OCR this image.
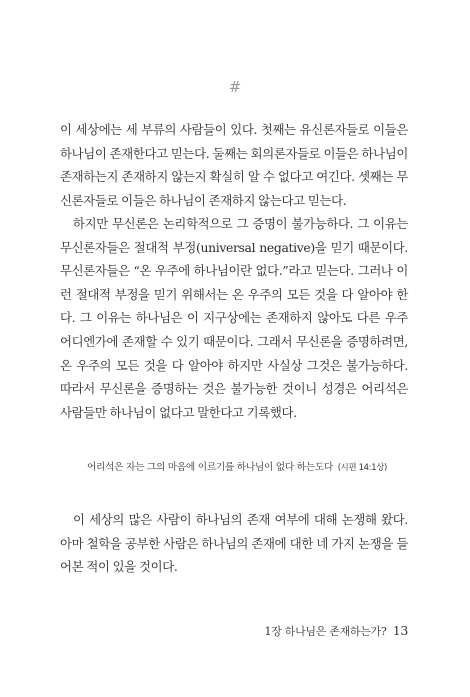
#

이 세상에는 세 부류의 사람들이 있다. 첫째는 유신론자들로 이들은 하나님이 존재한다고 믿는다. 둘째는 회의론자들로 이들은 하나님이 존재하는지 존재하지 않는지 확실히 알 수 없다고 여긴다. 셋째는 무신론자들로 이들은 하나님이 존재하지 않는다고 믿는다.

하지만 무신론은 논리학적으로 그 증명이 불가능하다. 그 이유는 무신론자들은 절대적 부정(universal negative)을 믿기 때문이다. 무신론자들은 “온 우주에 하나님이란 없다.”라고 믿는다. 그러나 이런 절대적 부정을 믿기 위해서는 온 우주의 모든 것을 다 알아야 한다. 그 이유는 하나님은 이 지구상에는 존재하지 않아도 다른 우주 어디엔가에 존재할 수 있기 때문이다. 그래서 무신론을 증명하려면, 온 우주의 모든 것을 다 알아야 하지만 사실상 그것은 불가능하다. 따라서 무신론을 증명하는 것은 불가능한 것이니 성경은 어리석은 사람들만 하나님이 없다고 말한다고 기록했다.

어리석은 자는 그의 마음에 이르기를 하나님이 없다 하는도다 (시편 14:1상)

이 세상의 많은 사람이 하나님의 존재 여부에 대해 논쟁해 왔다. 아마 철학을 공부한 사람은 하나님의 존재에 대한 네 가지 논쟁을 들어본 적이 있을 것이다.

1장 하나님은 존재하는가? 13
